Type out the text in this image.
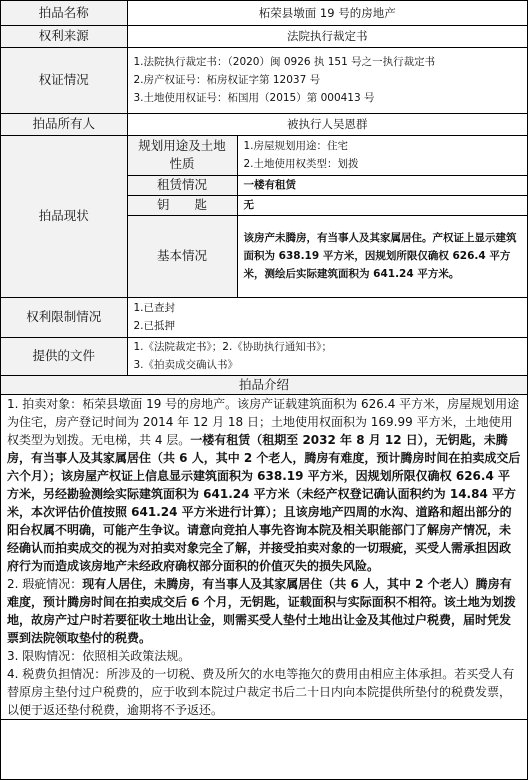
拍品名称	柘荣县墩面 19 号的房地产	
权利来源	法院执行裁定书	
权证情况	1.法院执行裁定书：（2020）闽 0926 执 151 号之一执行裁定书
2.房产权证号：柘房权证字第 12037 号
3.土地使用权证号：柘国用（2015）第 000413 号	

拍品所有人	被执行人吴恩群	
拍品现状	规划用途及土地性质	1.房屋规划用途：住宅
2.土地使用权类型：划拨

	租赁情况	一楼有租赁
	钥　　匙	无
	基本情况	该房产未腾房，有当事人及其家属居住。产权证上显示建筑面积为 638.19 平方米，因规划所限仅确权 626.4 平方米，测绘后实际建筑面积为 641.24 平方米。
权利限制情况	1.已查封
2.已抵押	

提供的文件	1.《法院裁定书》；2.《协助执行通知书》；
3.《拍卖成交确认书》	

拍品介绍		

1. 拍卖对象：柘荣县墩面 19 号的房地产。该房产证载建筑面积为 626.4 平方米，房屋规划用途为住宅，房产登记时间为 2014 年 12 月 18 日；土地使用权面积为 169.99 平方米，土地使用权类型为划拨。无电梯，共 4 层。一楼有租赁（租期至 2032 年 8 月 12 日），无钥匙，未腾房，有当事人及其家属居住（共 6 人，其中 2 个老人，腾房有难度，预计腾房时间在拍卖成交后六个月）；该房屋产权证上信息显示建筑面积为 638.19 平方米，因规划所限仅确权 626.4 平方米，另经勘验测绘实际建筑面积为 641.24 平方米（未经产权登记确认面积约为 14.84 平方米，本次评估价值按照 641.24 平方米进行计算）；且该房地产四周的水沟、道路和超出部分的阳台权属不明确，可能产生争议。请意向竞拍人事先咨询本院及相关职能部门了解房产情况，未经确认而拍卖成交的视为对拍卖对象完全了解，并接受拍卖对象的一切瑕疵，买受人需承担因政府行为而造成该房地产未经政府确权部分面积的价值灭失的损失风险。

2. 瑕疵情况：现有人居住，未腾房，有当事人及其家属居住（共 6 人，其中 2 个老人）腾房有难度，预计腾房时间在拍卖成交后 6 个月，无钥匙，证载面积与实际面积不相符。该土地为划拨地，故房产过户时若要征收土地出让金，则需买受人垫付土地出让金及其他过户税费，届时凭发票到法院领取垫付的税费。

3. 限购情况：依照相关政策法规。

4. 税费负担情况：所涉及的一切税、费及所欠的水电等拖欠的费用由相应主体承担。若买受人有替原房主垫付过户税费的，应于收到本院过户裁定书后二十日内向本院提供所垫付的税费发票，以便于返还垫付税费，逾期将不予返还。		
